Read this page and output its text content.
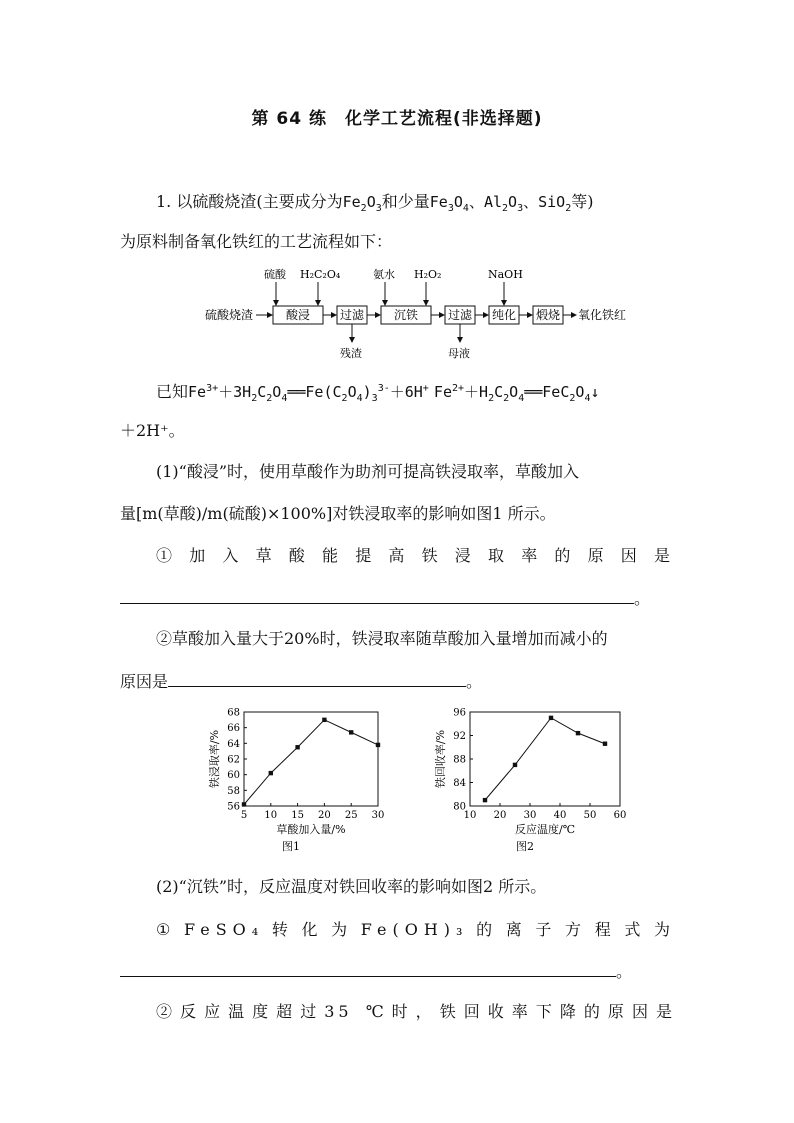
第 64 练　化学工艺流程(非选择题)
1. 以硫酸烧渣(主要成分为$Fe_2O_3$和少量$Fe_3O_4$、$Al_2O_3$、SiO$_2$等)
为原料制备氧化铁红的工艺流程如下：
硫酸烧渣	酸浸 过滤 沉铁 过滤 纯化 煅烧 氧化铁红
硫酸 H₂C₂O₄	氨水 H₂O₂	NaOH
残渣	母液
已知$Fe^{3+}+3H_2C_2O_4══Fe(C_2O_4)_3^{3-}+6H^+$ $Fe^{2+}+H_2C_2O_4══FeC_2O_4↓$
＋2H⁺。
(1)“酸浸”时，使用草酸作为助剂可提高铁浸取率，草酸加入
量[m(草酸)/m(硫酸)×100%]对铁浸取率的影响如图1 所示。
①加入草酸能提高铁浸取率的原因是
。
②草酸加入量大于20%时，铁浸取率随草酸加入量增加而减小的
原因是	。
5 10 15 20 25 30
56
58
60
62
64
66
68
草酸加入量/%
铁浸取率/%
图1
10 20 30 40 50 60
80
84
88
92
96
反应温度/℃
铁回收率/%
图2
(2)“沉铁”时，反应温度对铁回收率的影响如图2 所示。
①FeSO₄转化为Fe(OH)₃的离子方程式为
。
②反应温度超过35 ℃时，铁回收率下降的原因是
